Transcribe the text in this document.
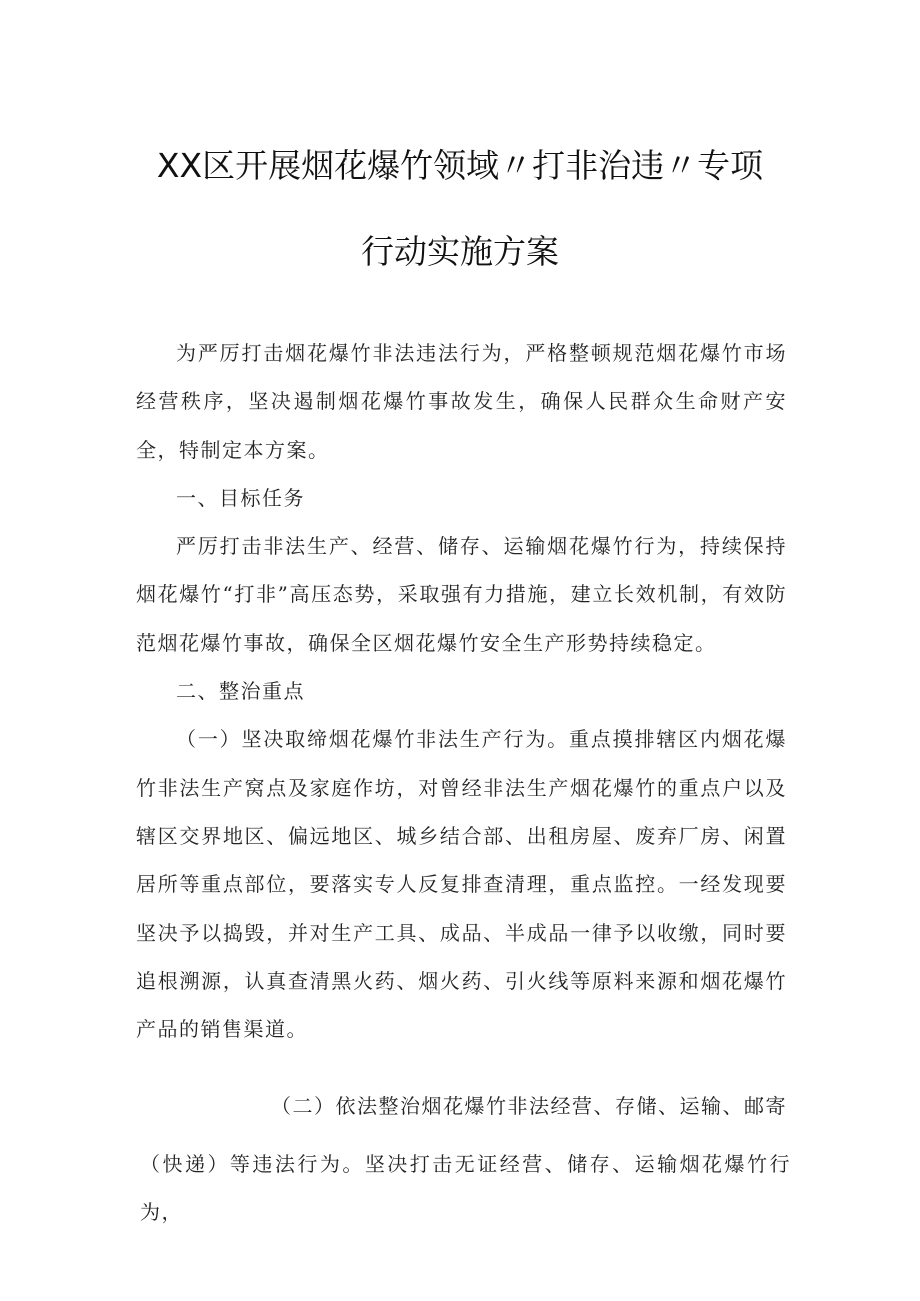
XX区开展烟花爆竹领域〃打非治违〃专项
行动实施方案

为严厉打击烟花爆竹非法违法行为，严格整顿规范烟花爆竹市场经营秩序，坚决遏制烟花爆竹事故发生，确保人民群众生命财产安全，特制定本方案。

一、目标任务

严厉打击非法生产、经营、储存、运输烟花爆竹行为，持续保持烟花爆竹“打非”高压态势，采取强有力措施，建立长效机制，有效防范烟花爆竹事故，确保全区烟花爆竹安全生产形势持续稳定。

二、整治重点

（一）坚决取缔烟花爆竹非法生产行为。重点摸排辖区内烟花爆竹非法生产窝点及家庭作坊，对曾经非法生产烟花爆竹的重点户以及辖区交界地区、偏远地区、城乡结合部、出租房屋、废弃厂房、闲置居所等重点部位，要落实专人反复排查清理，重点监控。一经发现要坚决予以捣毁，并对生产工具、成品、半成品一律予以收缴，同时要追根溯源，认真查清黑火药、烟火药、引火线等原料来源和烟花爆竹产品的销售渠道。

（二）依法整治烟花爆竹非法经营、存储、运输、邮寄

（快递）等违法行为。坚决打击无证经营、储存、运输烟花爆竹行为，
